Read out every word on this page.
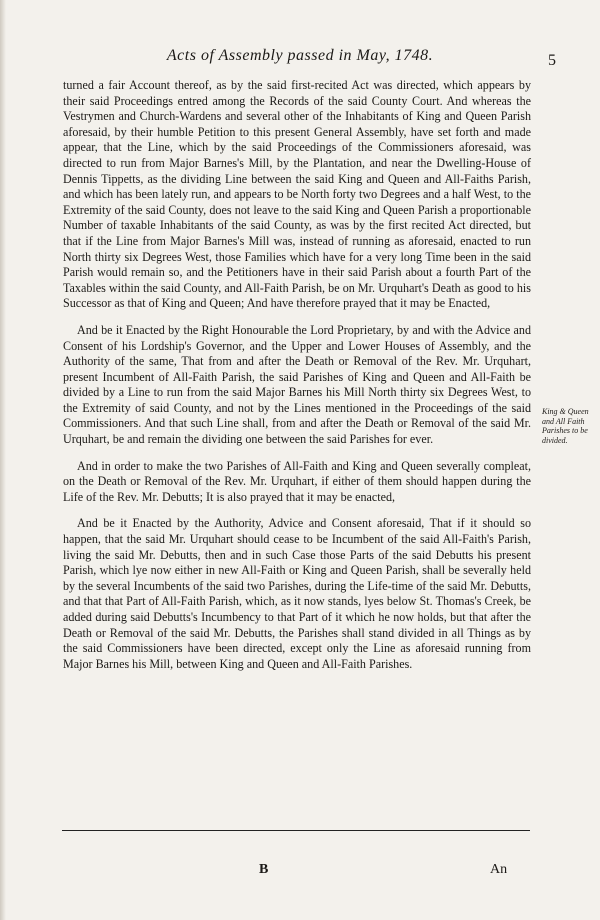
Acts of Assembly passed in May, 1748.	5

turned a fair Account thereof, as by the said first-recited Act was directed, which appears by their said Proceedings entred among the Records of the said County Court. And whereas the Vestrymen and Church-Wardens and several other of the Inhabitants of King and Queen Parish aforesaid, by their humble Petition to this present General Assembly, have set forth and made appear, that the Line, which by the said Proceedings of the Commissioners aforesaid, was directed to run from Major Barnes's Mill, by the Plantation, and near the Dwelling-House of Dennis Tippetts, as the dividing Line between the said King and Queen and All-Faiths Parish, and which has been lately run, and appears to be North forty two Degrees and a half West, to the Extremity of the said County, does not leave to the said King and Queen Parish a proportionable Number of taxable Inhabitants of the said County, as was by the first recited Act directed, but that if the Line from Major Barnes's Mill was, instead of running as aforesaid, enacted to run North thirty six Degrees West, those Families which have for a very long Time been in the said Parish would remain so, and the Petitioners have in their said Parish about a fourth Part of the Taxables within the said County, and All-Faith Parish, be on Mr. Urquhart's Death as good to his Successor as that of King and Queen; And have therefore prayed that it may be Enacted,

And be it Enacted by the Right Honourable the Lord Proprietary, by and with the Advice and Consent of his Lordship's Governor, and the Upper and Lower Houses of Assembly, and the Authority of the same, That from and after the Death or Removal of the Rev. Mr. Urquhart, present Incumbent of All-Faith Parish, the said Parishes of King and Queen and All-Faith be divided by a Line to run from the said Major Barnes his Mill North thirty six Degrees West, to the Extremity of said County, and not by the Lines mentioned in the Proceedings of the said Commissioners. And that such Line shall, from and after the Death or Removal of the said Mr. Urquhart, be and remain the dividing one between the said Parishes for ever.

And in order to make the two Parishes of All-Faith and King and Queen severally compleat, on the Death or Removal of the Rev. Mr. Urquhart, if either of them should happen during the Life of the Rev. Mr. Debutts; It is also prayed that it may be enacted,

And be it Enacted by the Authority, Advice and Consent aforesaid, That if it should so happen, that the said Mr. Urquhart should cease to be Incumbent of the said All-Faith's Parish, living the said Mr. Debutts, then and in such Case those Parts of the said Debutts his present Parish, which lye now either in new All-Faith or King and Queen Parish, shall be severally held by the several Incumbents of the said two Parishes, during the Life-time of the said Mr. Debutts, and that that Part of All-Faith Parish, which, as it now stands, lyes below St. Thomas's Creek, be added during said Debutts's Incumbency to that Part of it which he now holds, but that after the Death or Removal of the said Mr. Debutts, the Parishes shall stand divided in all Things as by the said Commissioners have been directed, except only the Line as aforesaid running from Major Barnes his Mill, between King and Queen and All-Faith Parishes.

King & Queen and All Faith Parishes to be divided.
B	An
